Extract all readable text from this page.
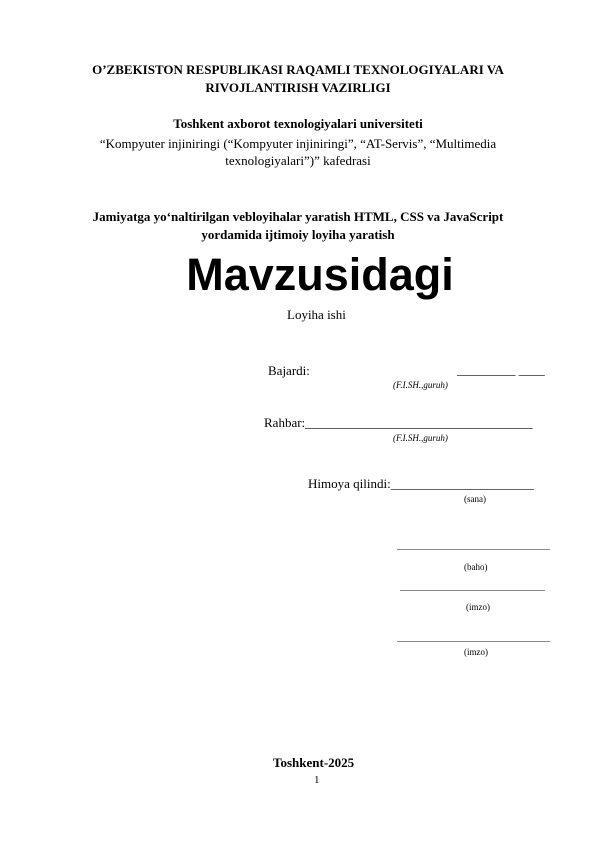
O’ZBEKISTON RESPUBLIKASI RAQAMLI TEXNOLOGIYALARI VA
RIVOJLANTIRISH VAZIRLIGI
Toshkent axborot texnologiyalari universiteti
“Kompyuter injiniringi (“Kompyuter injiniringi”, “AT-Servis”, “Multimedia
texnologiyalari”)” kafedrasi
Jamiyatga yo‘naltirilgan vebloyihalar yaratish HTML, CSS va JavaScript
yordamida ijtimoiy loyiha yaratish
Mavzusidagi
Loyiha ishi
Bajardi:	_________ ____
(F.I.SH.,guruh)
Rahbar:___________________________________
(F.I.SH.,guruh)
Himoya qilindi:______________________
(sana)
(baho)
(imzo)
(imzo)
Toshkent-2025
1
